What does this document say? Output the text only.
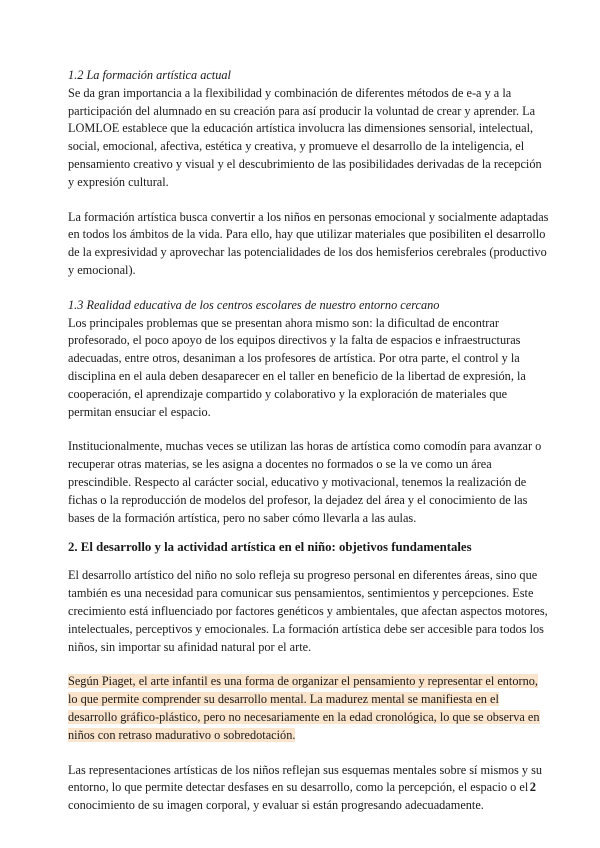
1.2 La formación artística actual

Se da gran importancia a la flexibilidad y combinación de diferentes métodos de e-a y a la participación del alumnado en su creación para así producir la voluntad de crear y aprender. La LOMLOE establece que la educación artística involucra las dimensiones sensorial, intelectual, social, emocional, afectiva, estética y creativa, y promueve el desarrollo de la inteligencia, el pensamiento creativo y visual y el descubrimiento de las posibilidades derivadas de la recepción y expresión cultural.

La formación artística busca convertir a los niños en personas emocional y socialmente adaptadas en todos los ámbitos de la vida. Para ello, hay que utilizar materiales que posibiliten el desarrollo de la expresividad y aprovechar las potencialidades de los dos hemisferios cerebrales (productivo y emocional).

1.3 Realidad educativa de los centros escolares de nuestro entorno cercano

Los principales problemas que se presentan ahora mismo son: la dificultad de encontrar profesorado, el poco apoyo de los equipos directivos y la falta de espacios e infraestructuras adecuadas, entre otros, desaniman a los profesores de artística. Por otra parte, el control y la disciplina en el aula deben desaparecer en el taller en beneficio de la libertad de expresión, la cooperación, el aprendizaje compartido y colaborativo y la exploración de materiales que permitan ensuciar el espacio.

Institucionalmente, muchas veces se utilizan las horas de artística como comodín para avanzar o recuperar otras materias, se les asigna a docentes no formados o se la ve como un área prescindible. Respecto al carácter social, educativo y motivacional, tenemos la realización de fichas o la reproducción de modelos del profesor, la dejadez del área y el conocimiento de las bases de la formación artística, pero no saber cómo llevarla a las aulas.

2. El desarrollo y la actividad artística en el niño: objetivos fundamentales

El desarrollo artístico del niño no solo refleja su progreso personal en diferentes áreas, sino que también es una necesidad para comunicar sus pensamientos, sentimientos y percepciones. Este crecimiento está influenciado por factores genéticos y ambientales, que afectan aspectos motores, intelectuales, perceptivos y emocionales. La formación artística debe ser accesible para todos los niños, sin importar su afinidad natural por el arte.

Según Piaget, el arte infantil es una forma de organizar el pensamiento y representar el entorno, lo que permite comprender su desarrollo mental. La madurez mental se manifiesta en el desarrollo gráfico-plástico, pero no necesariamente en la edad cronológica, lo que se observa en niños con retraso madurativo o sobredotación.

Las representaciones artísticas de los niños reflejan sus esquemas mentales sobre sí mismos y su entorno, lo que permite detectar desfases en su desarrollo, como la percepción, el espacio o el conocimiento de su imagen corporal, y evaluar si están progresando adecuadamente.

2
